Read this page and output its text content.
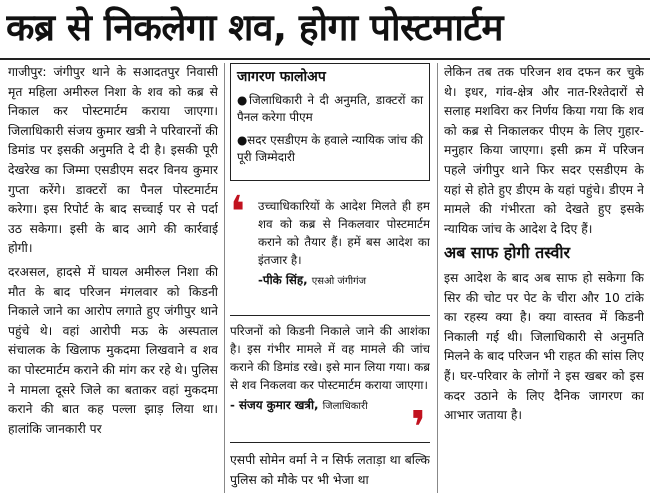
कब्र से निकलेगा शव, होगा पोस्टमार्टम

गाजीपुर: जंगीपुर थाने के सआदतपुर निवासी मृत महिला अमीरुल निशा के शव को कब्र से निकाल कर पोस्टमार्टम कराया जाएगा। जिलाधिकारी संजय कुमार खत्री ने परिवारनों की डिमांड पर इसकी अनुमति दे दी है। इसकी पूरी देखरेख का जिम्मा एसडीएम सदर विनय कुमार गुप्ता करेंगे। डाक्टरों का पैनल पोस्टमार्टम करेगा। इस रिपोर्ट के बाद सच्चाई पर से पर्दा उठ सकेगा। इसी के बाद आगे की कार्रवाई होगी।

दरअसल, हादसे में घायल अमीरुल निशा की मौत के बाद परिजन मंगलवार को किडनी निकाले जाने का आरोप लगाते हुए जंगीपुर थाने पहुंचे थे। वहां आरोपी मऊ के अस्पताल संचालक के खिलाफ मुकदमा लिखवाने व शव का पोस्टमार्टम कराने की मांग कर रहे थे। पुलिस ने मामला दूसरे जिले का बताकर वहां मुकदमा कराने की बात कह पल्ला झाड़ लिया था। हालांकि जानकारी पर

जागरण फालोअप
●जिलाधिकारी ने दी अनुमति, डाक्टरों का पैनल करेगा पीएम
●सदर एसडीएम के हवाले न्यायिक जांच की पूरी जिम्मेदारी
❛ उच्चाधिकारियों के आदेश मिलते ही हम शव को कब्र से निकलवार पोस्टमार्टम कराने को तैयार हैं। हमें बस आदेश का इंतजार है।
-पीके सिंह, एसओ जंगीगंज
परिजनों को किडनी निकाले जाने की आशंका है। इस गंभीर मामले में वह मामले की जांच कराने की डिमांड रखे। इसे मान लिया गया। कब्र से शव निकलवा कर पोस्टमार्टम कराया जाएगा।
- संजय कुमार खत्री, जिलाधिकारी ❜
एसपी सोमेन वर्मा ने न सिर्फ लताड़ा था बल्कि पुलिस को मौके पर भी भेजा था

लेकिन तब तक परिजन शव दफन कर चुके थे। इधर, गांव-क्षेत्र और नात-रिश्तेदारों से सलाह मशविरा कर निर्णय किया गया कि शव को कब्र से निकालकर पीएम के लिए गुहार-मनुहार किया जाएगा। इसी क्रम में परिजन पहले जंगीपुर थाने फिर सदर एसडीएम के यहां से होते हुए डीएम के यहां पहुंचे। डीएम ने मामले की गंभीरता को देखते हुए इसके न्यायिक जांच के आदेश दे दिए हैं।

अब साफ होगी तस्वीर

इस आदेश के बाद अब साफ हो सकेगा कि सिर की चोट पर पेट के चीरा और 10 टांके का रहस्य क्या है। क्या वास्तव में किडनी निकाली गई थी। जिलाधिकारी से अनुमति मिलने के बाद परिजन भी राहत की सांस लिए हैं। घर-परिवार के लोगों ने इस खबर को इस कदर उठाने के लिए दैनिक जागरण का आभार जताया है।
